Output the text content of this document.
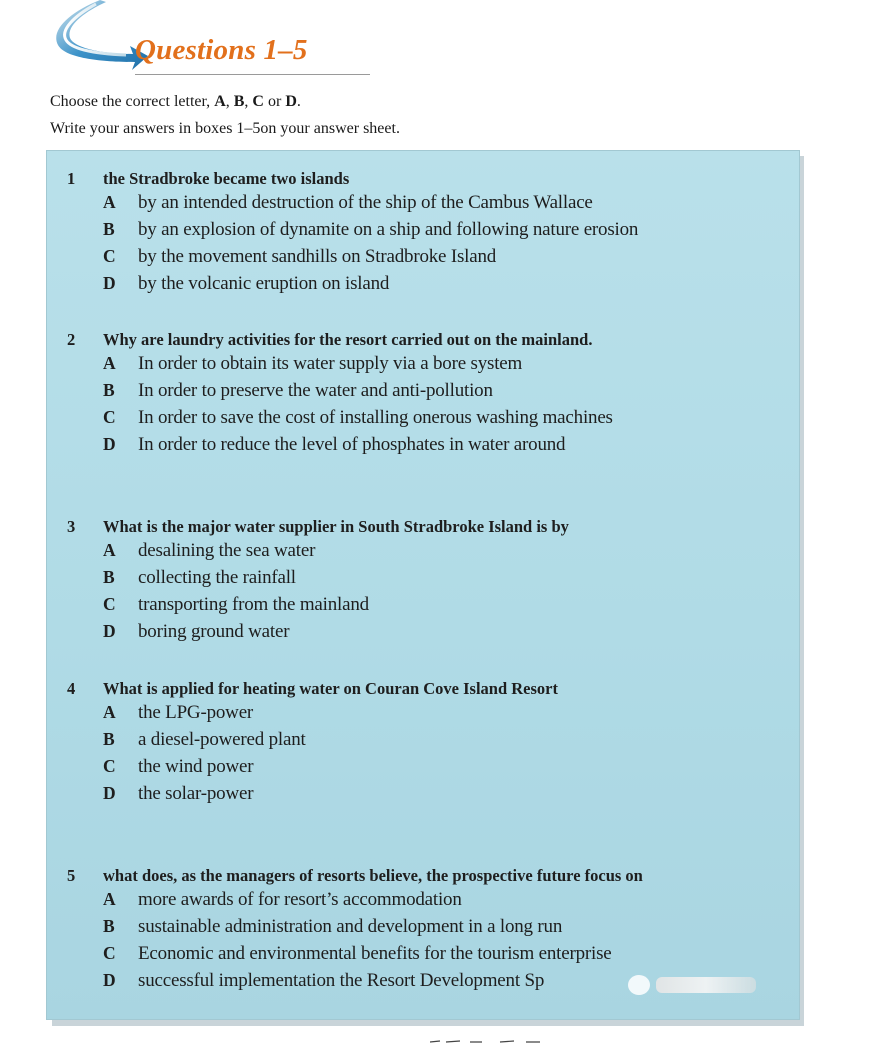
Questions 1–5
Choose the correct letter, A, B, C or D.
Write your answers in boxes 1–5on your answer sheet.
1 the Stradbroke became two islands
A	by an intended destruction of the ship of the Cambus Wallace
B	by an explosion of dynamite on a ship and following nature erosion
C	by the movement sandhills on Stradbroke Island
D	by the volcanic eruption on island
2 Why are laundry activities for the resort carried out on the mainland.
A	In order to obtain its water supply via a bore system
B	In order to preserve the water and anti-pollution
C	In order to save the cost of installing onerous washing machines
D	In order to reduce the level of phosphates in water around
3 What is the major water supplier in South Stradbroke Island is by
A	desalining the sea water
B	collecting the rainfall
C	transporting from the mainland
D	boring ground water
4 What is applied for heating water on Couran Cove Island Resort
A	the LPG-power
B	a diesel-powered plant
C	the wind power
D	the solar-power
5 what does, as the managers of resorts believe, the prospective future focus on
A	more awards of for resort’s accommodation
B	sustainable administration and development in a long run
C	Economic and environmental benefits for the tourism enterprise
D	successful implementation the Resort Development Sp
